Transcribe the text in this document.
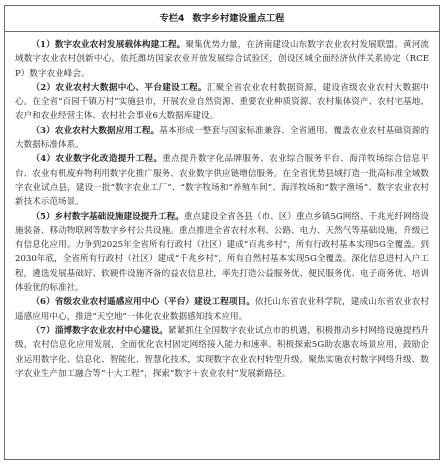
专栏4 数字乡村建设重点工程

（1）数字农业农村发展载体构建工程。聚集优势力量，在济南建设山东数字农业农村发展联盟、黄河流域数字农业农村创新中心。依托潍坊国家农业开放发展综合试验区，创设区域全面经济伙伴关系协定（RCEP）数字农业峰会。

（2）农业农村大数据中心、平台建设工程。汇聚全省农业农村数据资源，建设省级农业农村大数据中心。在全省“百园千镇万村”实施县市，开展农业自然资源、重要农业种质资源、农村集体资产、农村宅基地、农户和农业经营主体、农村社会事业6大数据库建设。

（3）农业农村大数据应用工程。基本形成一整套与国家标准兼容、全省通用、覆盖农业农村基础资源的大数据标准体系。

（4）农业数字化改造提升工程。重点提升数字化品牌服务、农业综合服务平台、海洋牧场综合信息平台、农业有机废弃物利用数字化推广服务、农业数字供应链增信服务。在全省优势县域打造一批高标准全域数字农业试点县，建设一批“数字农业工厂”、“数字牧场和“养殖车间”、海洋牧场和“数字渔场”、数字农业农村新技术示范场景。

（5）乡村数字基础设施建设提升工程。重点建设全省各县（市、区）重点乡镇5G网络、千兆光纤网络设施装备、移动物联网等数字乡村公共设施。重点推进全省农村水利、公路、电力、天然气等基础设施，升级已有信息化应用。力争到2025年全省所有行政村（社区）建成“百兆乡村”，所有行政村基本实现5G全覆盖。到2030年底，全省所有行政村（社区）建成“千兆乡村”，所有自然村基本实现5G全覆盖。深化信息进村入户工程，遴选发展基础好、软硬件设施齐备的益农信息社，率先打造公益服务优、便民服务优、电子商务优、培训体验优的标准社。

（6）省级农业农村遥感应用中心（平台）建设工程项目。依托山东省农业科学院，建成山东省农业农村遥感应用中心，推进“天空地”一体化农业数据感知技术应用。

（7）淄博数字农业农村中心建设。紧紧抓住全国数字农业试点市的机遇，积极推动乡村网络设施提档升级，农村信息化应用发展，全面优化农村固定网络接入能力和速率。积极探索5G助农惠农场景应用，鼓励企业运用数字化、信息化、智能化、智慧化技术，实现数字农业农村转型升级。聚焦实施农村数字网络升级、数字农业生产加工融合等“十大工程”，探索“数字＋农业农村”发展新路径。
